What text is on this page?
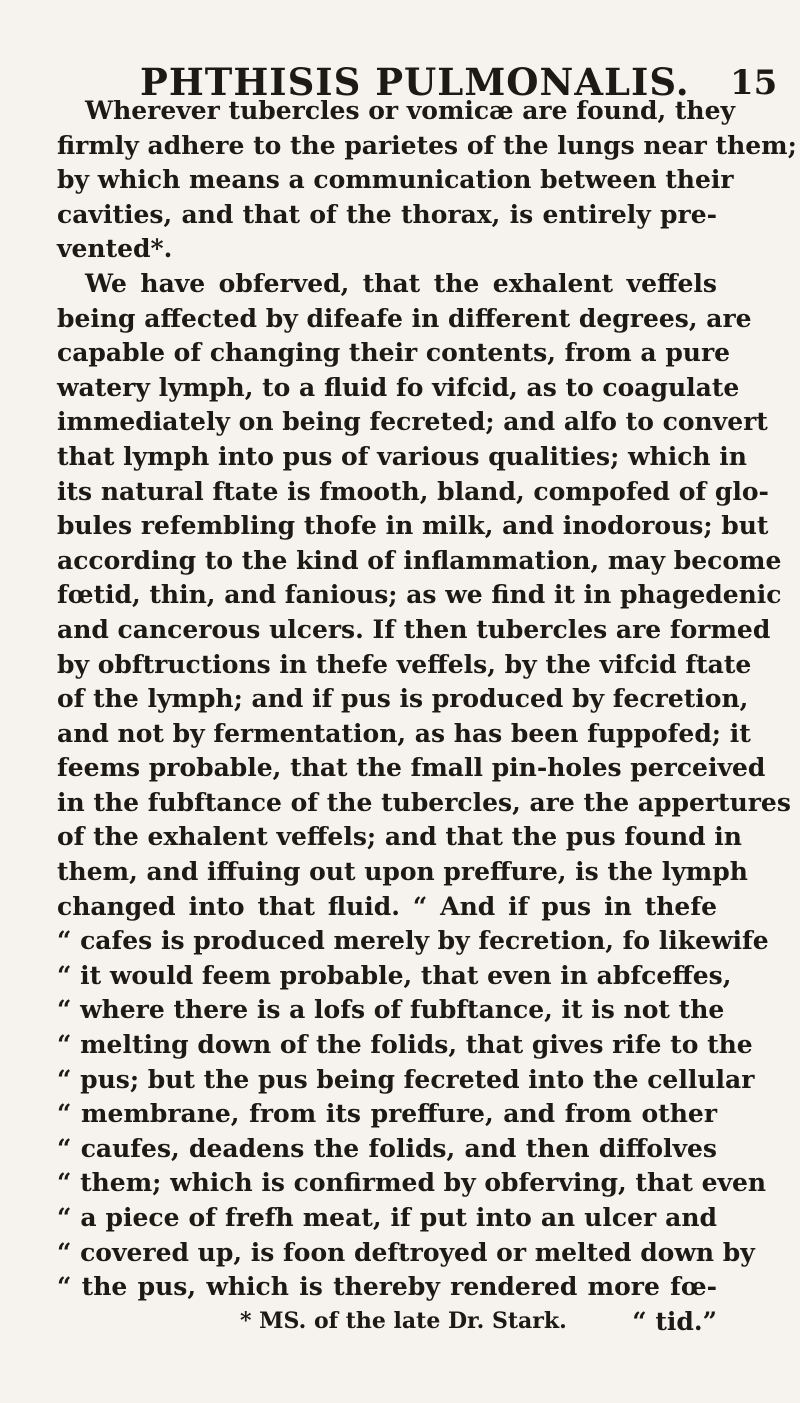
PHTHISIS PULMONALIS. 15
Wherever tubercles or vomicæ are found, they
firmly adhere to the parietes of the lungs near them;
by which means a communication between their
cavities, and that of the thorax, is entirely pre-
vented*.
We have obferved, that the exhalent veffels
being affected by difeafe in different degrees, are
capable of changing their contents, from a pure
watery lymph, to a fluid fo vifcid, as to coagulate
immediately on being fecreted; and alfo to convert
that lymph into pus of various qualities; which in
its natural ftate is fmooth, bland, compofed of glo-
bules refembling thofe in milk, and inodorous; but
according to the kind of inflammation, may become
fœtid, thin, and fanious; as we find it in phagedenic
and cancerous ulcers. If then tubercles are formed
by obftructions in thefe veffels, by the vifcid ftate
of the lymph; and if pus is produced by fecretion,
and not by fermentation, as has been fuppofed; it
feems probable, that the fmall pin-holes perceived
in the fubftance of the tubercles, are the appertures
of the exhalent veffels; and that the pus found in
them, and iffuing out upon preffure, is the lymph
changed into that fluid. “ And if pus in thefe
“ cafes is produced merely by fecretion, fo likewife
“ it would feem probable, that even in abfceffes,
“ where there is a lofs of fubftance, it is not the
“ melting down of the folids, that gives rife to the
“ pus; but the pus being fecreted into the cellular
“ membrane, from its preffure, and from other
“ caufes, deadens the folids, and then diffolves
“ them; which is confirmed by obferving, that even
“ a piece of frefh meat, if put into an ulcer and
“ covered up, is foon deftroyed or melted down by
“ the pus, which is thereby rendered more fœ-
“ tid.”
* MS. of the late Dr. Stark.
